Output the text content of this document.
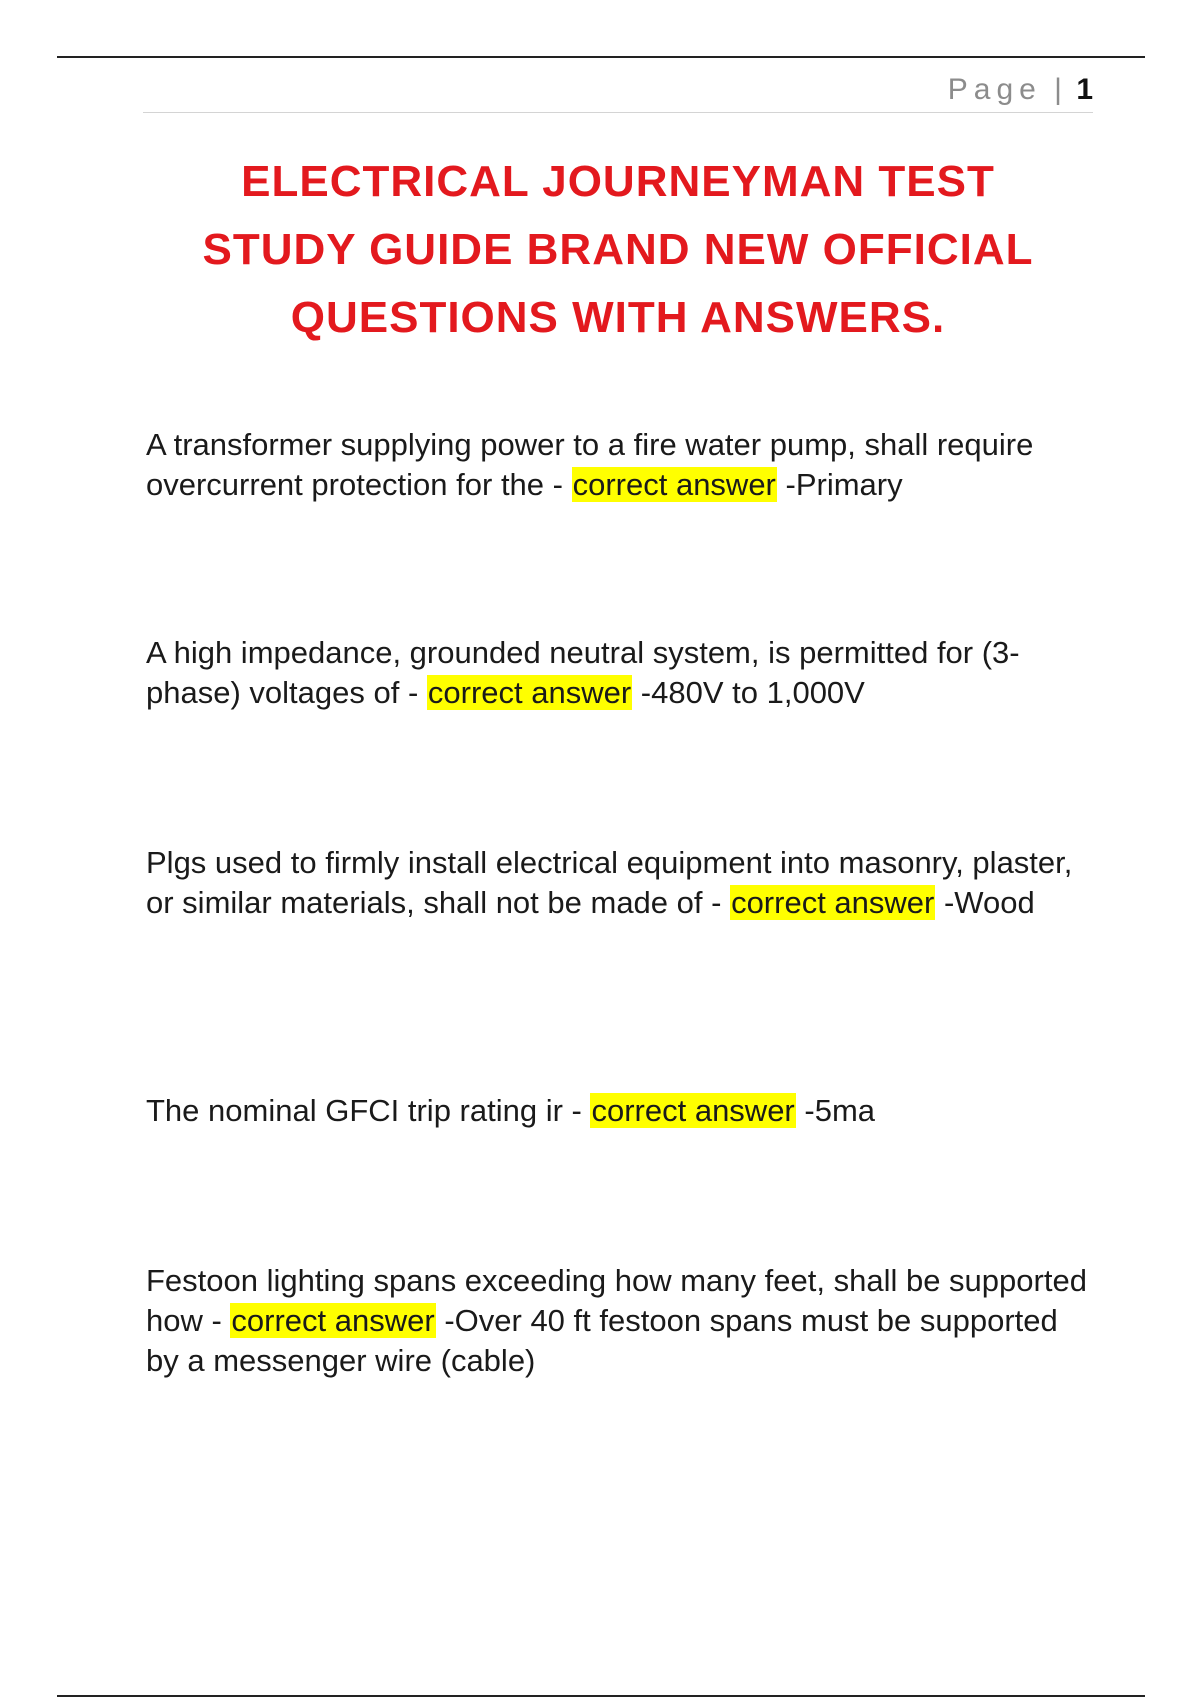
Page | 1
ELECTRICAL JOURNEYMAN TEST
STUDY GUIDE BRAND NEW OFFICIAL
QUESTIONS WITH ANSWERS.

A transformer supplying power to a fire water pump, shall require overcurrent protection for the - correct answer -Primary

A high impedance, grounded neutral system, is permitted for (3-phase) voltages of - correct answer -480V to 1,000V

Plgs used to firmly install electrical equipment into masonry, plaster, or similar materials, shall not be made of - correct answer -Wood

The nominal GFCI trip rating ir - correct answer -5ma

Festoon lighting spans exceeding how many feet, shall be supported how - correct answer -Over 40 ft festoon spans must be supported by a messenger wire (cable)
